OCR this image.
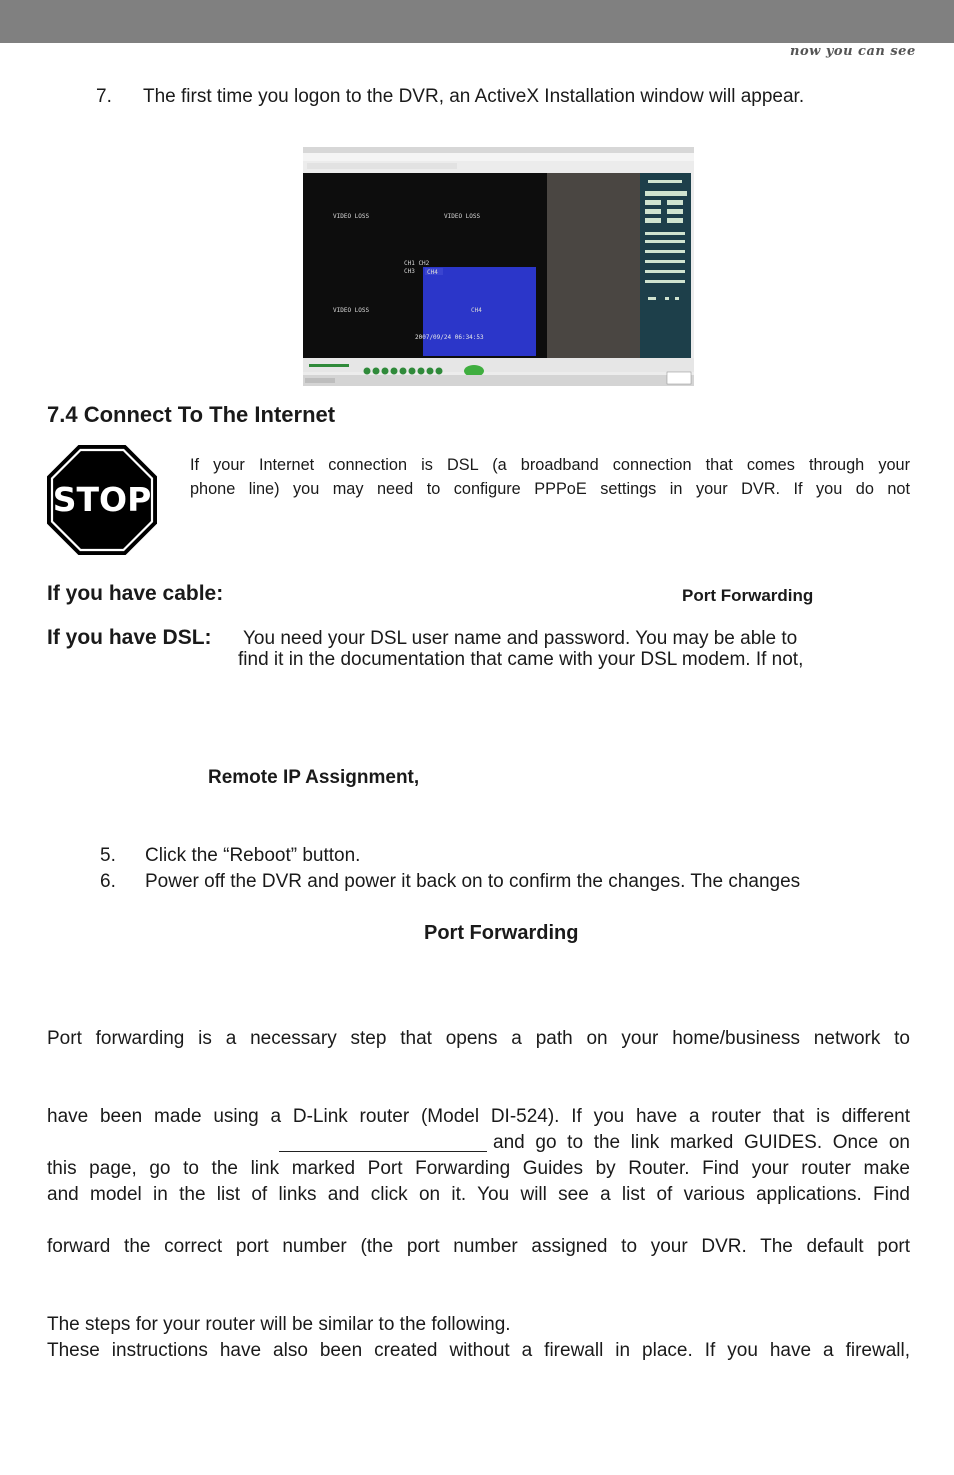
now you can see
7. The first time you logon to the DVR, an ActiveX Installation window will appear.
VIDEO LOSS	VIDEO LOSS
VIDEO LOSS
CH1 CH2
CH3 CH4
CH4
2007/09/24 06:34:53
7.4 Connect To The Internet
STOP
If your Internet connection is DSL (a broadband connection that comes through your
phone line) you may need to configure PPPoE settings in your DVR. If you do not
If you have cable:	Port Forwarding
If you have DSL: You need your DSL user name and password. You may be able to
find it in the documentation that came with your DSL modem. If not,
Remote IP Assignment,
5. Click the “Reboot” button.
6. Power off the DVR and power it back on to confirm the changes. The changes
Port Forwarding
Port forwarding is a necessary step that opens a path on your home/business network to
have been made using a D-Link router (Model DI-524). If you have a router that is different
and go to the link marked GUIDES. Once on
this page, go to the link marked Port Forwarding Guides by Router. Find your router make
and model in the list of links and click on it. You will see a list of various applications. Find
forward the correct port number (the port number assigned to your DVR. The default port
The steps for your router will be similar to the following.
These instructions have also been created without a firewall in place. If you have a firewall,
